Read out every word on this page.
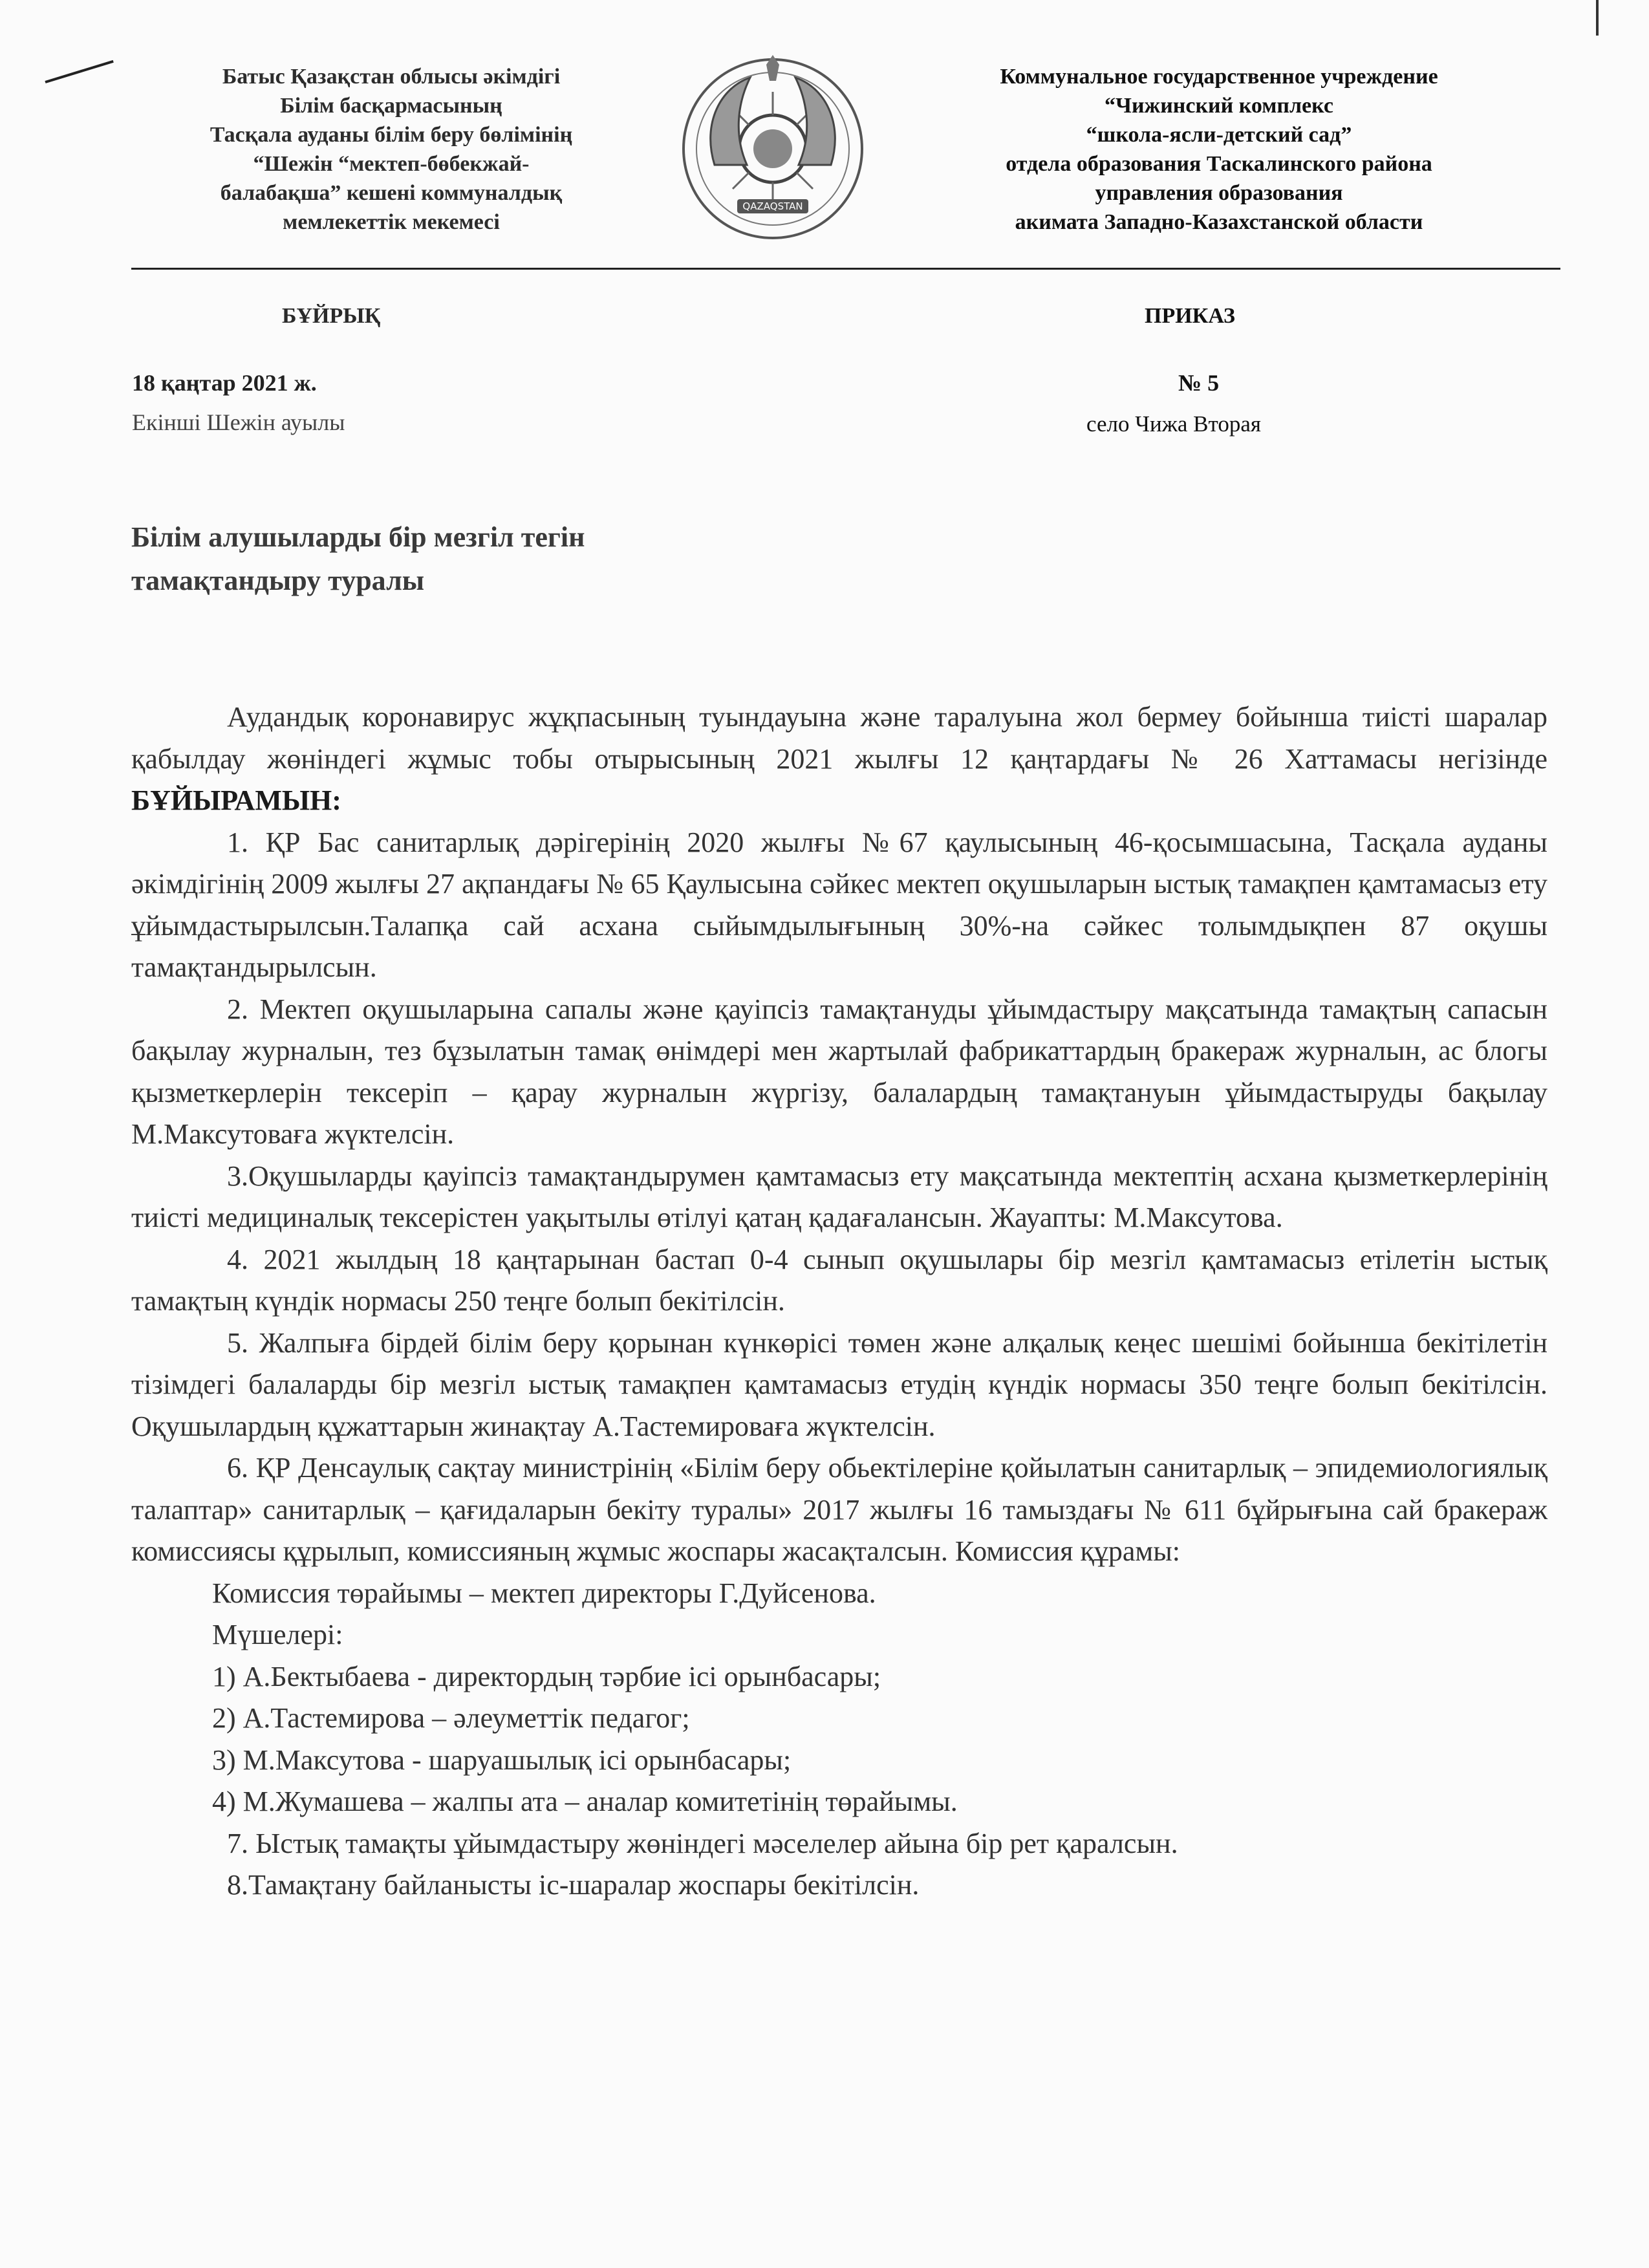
Батыс Қазақстан облысы әкімдігі
Білім басқармасының
Тасқала ауданы білім беру бөлімінің
“Шежін “мектеп-бөбекжай-
балабақша” кешені коммуналдық
мемлекеттік мекемесі
QAZAQSTAN
Коммунальное государственное учреждение
“Чижинский комплекс
“школа-ясли-детский сад”
отдела образования Таскалинского района
управления образования
акимата Западно-Казахстанской области
БҰЙРЫҚ	ПРИКАЗ
18 қаңтар 2021 ж.
Екінші Шежін ауылы
№ 5
село Чижа Вторая
Білім алушыларды бір мезгіл тегін
тамақтандыру туралы

Аудандық коронавирус жұқпасының туындауына және таралуына жол бермеу бойынша тиісті шаралар қабылдау жөніндегі жұмыс тобы отырысының 2021 жылғы 12 қаңтардағы № 26 Хаттамасы негізінде БҰЙЫРАМЫН:

1. ҚР Бас санитарлық дәрігерінің 2020 жылғы №67 қаулысының 46-қосымшасына, Тасқала ауданы әкімдігінің 2009 жылғы 27 ақпандағы № 65 Қаулысына сәйкес мектеп оқушыларын ыстық тамақпен қамтамасыз ету ұйымдастырылсын.Талапқа сай асхана сыйымдылығының 30%-на сәйкес толымдықпен 87 оқушы тамақтандырылсын.

2. Мектеп оқушыларына сапалы және қауіпсіз тамақтануды ұйымдастыру мақсатында тамақтың сапасын бақылау журналын, тез бұзылатын тамақ өнімдері мен жартылай фабрикаттардың бракераж журналын, ас блогы қызметкерлерін тексеріп – қарау журналын жүргізу, балалардың тамақтануын ұйымдастыруды бақылау М.Максутоваға жүктелсін.

3.Оқушыларды қауіпсіз тамақтандырумен қамтамасыз ету мақсатында мектептің асхана қызметкерлерінің тиісті медициналық тексерістен уақытылы өтілуі қатаң қадағалансын. Жауапты: М.Максутова.

4. 2021 жылдың 18 қаңтарынан бастап 0-4 сынып оқушылары бір мезгіл қамтамасыз етілетін ыстық тамақтың күндік нормасы 250 теңге болып бекітілсін.

5. Жалпыға бірдей білім беру қорынан күнкөрісі төмен және алқалық кеңес шешімі бойынша бекітілетін тізімдегі балаларды бір мезгіл ыстық тамақпен қамтамасыз етудің күндік нормасы 350 теңге болып бекітілсін. Оқушылардың құжаттарын жинақтау А.Тастемироваға жүктелсін.

6. ҚР Денсаулық сақтау министрінің «Білім беру обьектілеріне қойылатын санитарлық – эпидемиологиялық талаптар» санитарлық – қағидаларын бекіту туралы» 2017 жылғы 16 тамыздағы № 611 бұйрығына сай бракераж комиссиясы құрылып, комиссияның жұмыс жоспары жасақталсын. Комиссия құрамы:

Комиссия төрайымы – мектеп директоры Г.Дуйсенова.
Мүшелері:
1) А.Бектыбаева - директордың тәрбие ісі орынбасары;
2) А.Тастемирова – әлеуметтік педагог;
3) М.Максутова - шаруашылық ісі орынбасары;
4) М.Жумашева – жалпы ата – аналар комитетінің төрайымы.

7. Ыстық тамақты ұйымдастыру жөніндегі мәселелер айына бір рет қаралсын.

8.Тамақтану байланысты іс-шаралар жоспары бекітілсін.
